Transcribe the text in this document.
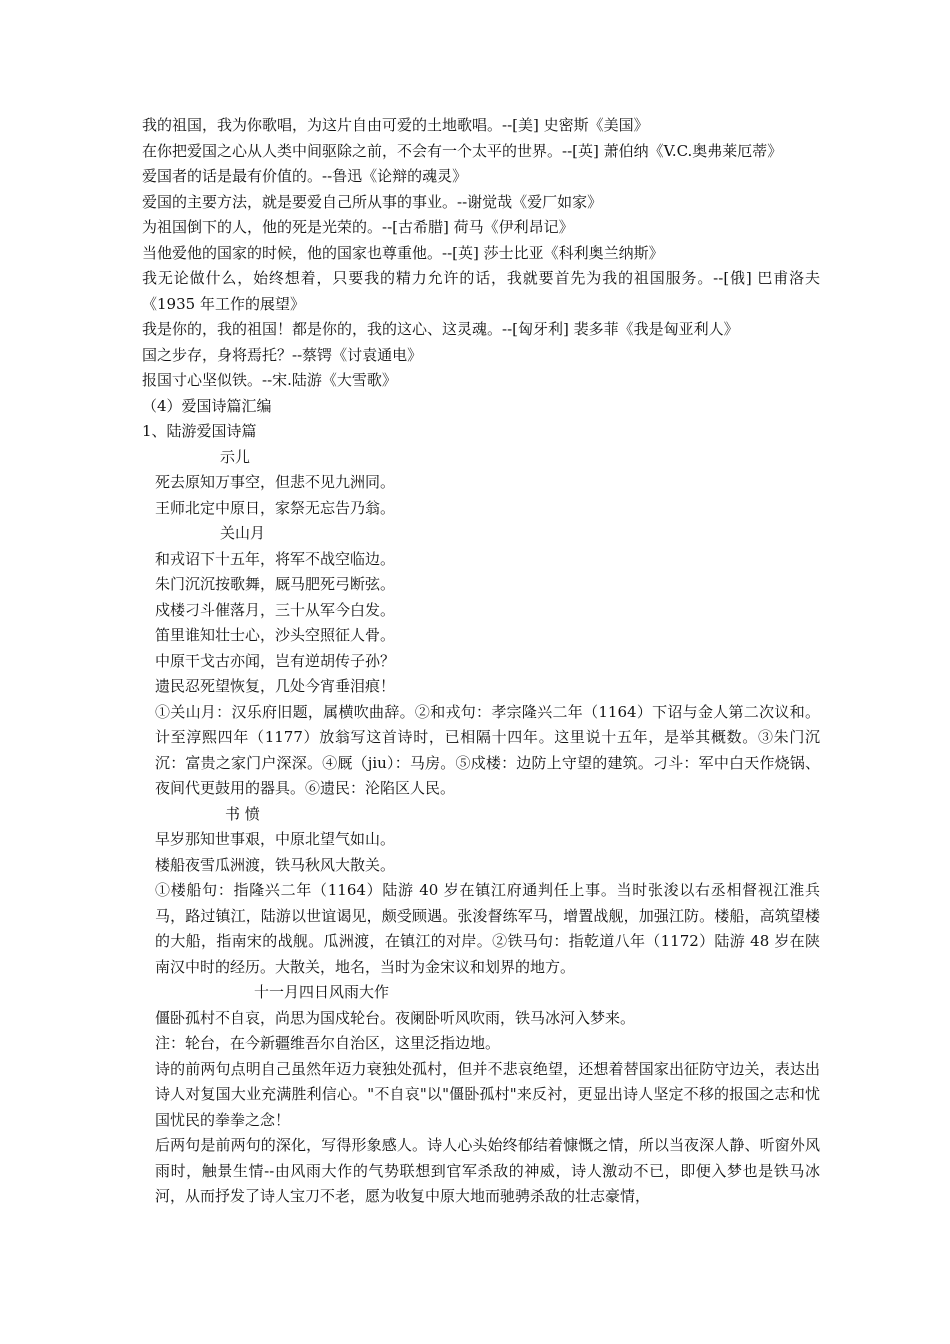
我的祖国，我为你歌唱，为这片自由可爱的土地歌唱。--[美] 史密斯《美国》
在你把爱国之心从人类中间驱除之前，不会有一个太平的世界。--[英] 萧伯纳《V.C.奥弗莱厄蒂》
爱国者的话是最有价值的。--鲁迅《论辩的魂灵》
爱国的主要方法，就是要爱自己所从事的事业。--谢觉哉《爱厂如家》
为祖国倒下的人，他的死是光荣的。--[古希腊] 荷马《伊利昂记》
当他爱他的国家的时候，他的国家也尊重他。--[英] 莎士比亚《科利奥兰纳斯》
我无论做什么，始终想着，只要我的精力允许的话，我就要首先为我的祖国服务。--[俄] 巴甫洛夫《1935 年工作的展望》
我是你的，我的祖国！都是你的，我的这心、这灵魂。--[匈牙利] 裴多菲《我是匈亚利人》
国之步存，身将焉托？--蔡锷《讨袁通电》
报国寸心坚似铁。--宋.陆游《大雪歌》
（4）爱国诗篇汇编
1、陆游爱国诗篇
示儿
死去原知万事空，但悲不见九洲同。
王师北定中原日，家祭无忘告乃翁。
关山月
和戎诏下十五年，将军不战空临边。
朱门沉沉按歌舞，厩马肥死弓断弦。
戍楼刁斗催落月，三十从军今白发。
笛里谁知壮士心，沙头空照征人骨。
中原干戈古亦闻，岂有逆胡传子孙？
遗民忍死望恢复，几处今宵垂泪痕！
①关山月：汉乐府旧题，属横吹曲辞。②和戎句：孝宗隆兴二年（1164）下诏与金人第二次议和。计至淳熙四年（1177）放翁写这首诗时，已相隔十四年。这里说十五年，是举其概数。③朱门沉沉：富贵之家门户深深。④厩（jiu）：马房。⑤戍楼：边防上守望的建筑。刁斗：军中白天作烧锅、夜间代更鼓用的器具。⑥遗民：沦陷区人民。
书 愤
早岁那知世事艰，中原北望气如山。
楼船夜雪瓜洲渡，铁马秋风大散关。
①楼船句：指隆兴二年（1164）陆游 40 岁在镇江府通判任上事。当时张浚以右丞相督视江淮兵马，路过镇江，陆游以世谊谒见，颇受顾遇。张浚督练军马，增置战舰，加强江防。楼船，高筑望楼的大船，指南宋的战舰。瓜洲渡，在镇江的对岸。②铁马句：指乾道八年（1172）陆游 48 岁在陕南汉中时的经历。大散关，地名，当时为金宋议和划界的地方。
十一月四日风雨大作
僵卧孤村不自哀，尚思为国戍轮台。夜阑卧听风吹雨，铁马冰河入梦来。
注：轮台，在今新疆维吾尔自治区，这里泛指边地。
诗的前两句点明自己虽然年迈力衰独处孤村，但并不悲哀绝望，还想着替国家出征防守边关，表达出诗人对复国大业充满胜利信心。"不自哀"以"僵卧孤村"来反衬，更显出诗人坚定不移的报国之志和忧国忧民的拳拳之念！
后两句是前两句的深化，写得形象感人。诗人心头始终郁结着慷慨之情，所以当夜深人静、听窗外风雨时，触景生情--由风雨大作的气势联想到官军杀敌的神威，诗人激动不已，即便入梦也是铁马冰河，从而抒发了诗人宝刀不老，愿为收复中原大地而驰骋杀敌的壮志豪情，
